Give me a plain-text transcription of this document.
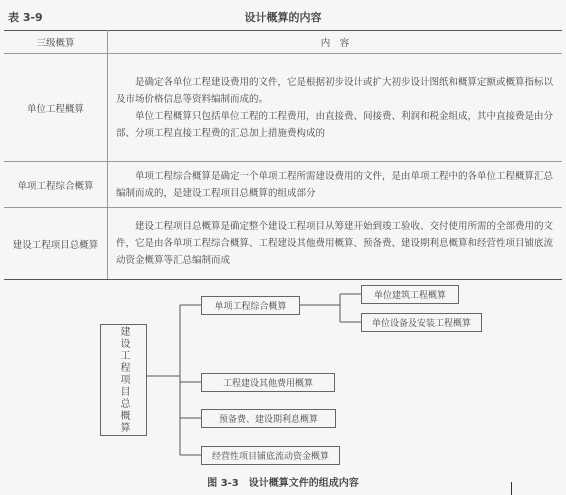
表 3-9	设计概算的内容
三级概算	内　容
单位工程概算	是确定各单位工程建设费用的文件，它是根据初步设计或扩大初步设计图纸和概算定额或概算指标以及市场价格信息等资料编制而成的。
单位工程概算只包括单位工程的工程费用，由直接费、间接费、利润和税金组成，其中直接费是由分部、分项工程直接工程费的汇总加上措施费构成的

单项工程综合概算	单项工程综合概算是确定一个单项工程所需建设费用的文件，是由单项工程中的各单位工程概算汇总编制而成的，是建设工程项目总概算的组成部分

建设工程项目总概算	建设工程项目总概算是确定整个建设工程项目从筹建开始到竣工验收、交付使用所需的全部费用的文件，它是由各单项工程综合概算、工程建设其他费用概算、预备费、建设期利息概算和经营性项目铺底流动资金概算等汇总编制而成
建设工程项目总概算
单项工程综合概算
工程建设其他费用概算
预备费、建设期利息概算
经营性项目铺底流动资金概算
单位建筑工程概算
单位设备及安装工程概算
图 3-3　设计概算文件的组成内容
